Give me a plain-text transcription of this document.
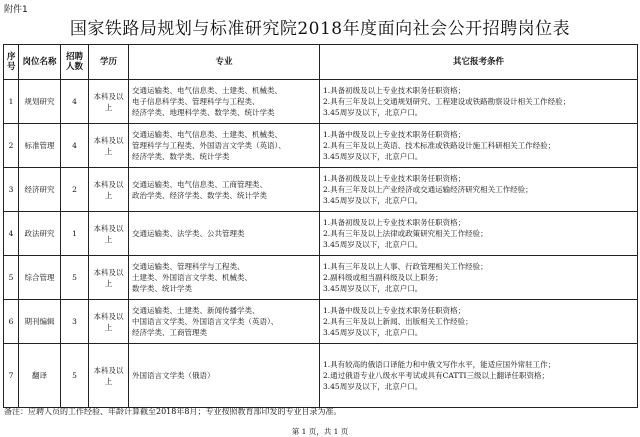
附件1
国家铁路局规划与标准研究院2018年度面向社会公开招聘岗位表
序号	岗位名称	招聘人数	学历	专业	其它报考条件
1	规划研究	4	本科及以上	交通运输类、电气信息类、土建类、机械类、
电子信息科学类、管理科学与工程类、
经济学类、地理科学类、数学类、统计学类	1.具备初级及以上专业技术职务任职资格；
2.具有三年及以上交通规划研究、工程建设或铁路勘察设计相关工作经验；
3.45周岁及以下，北京户口。

2	标准管理	4	本科及以上	交通运输类、电气信息类、土建类、机械类、
管理科学与工程类、外国语言文学类（英语）、
经济学类、数学类、统计学类	1.具备中级及以上专业技术职务任职资格；
2.具有三年及以上英语、技术标准或铁路设计施工科研相关工作经验；
3.45周岁及以下，北京户口。

3	经济研究	2	本科及以上	交通运输类、电气信息类、工商管理类、
政治学类、经济学类、数学类、统计学类	1.具备初级及以上专业技术职务任职资格；
2.具有三年及以上产业经济或交通运输经济研究相关工作经验；
3.45周岁及以下，北京户口。

4	政法研究	1	本科及以上	交通运输类、法学类、公共管理类	1.具备初级及以上专业技术职务任职资格；
2.具有三年及以上法律或政策研究相关工作经验；
3.45周岁及以下，北京户口。

5	综合管理	5	本科及以上	交通运输类、管理科学与工程类、
土建类、外国语言文学类、机械类、
数学类、统计学类	1.具有三年及以上人事、行政管理相关工作经验；
2.副科级或相当副科级及以上职务；
3.45周岁及以下，北京户口。

6	期刊编辑	3	本科及以上	交通运输类、土建类、新闻传播学类、
中国语言文学类、外国语言文学类（英语）、
经济学类、工商管理类	1.具备中级及以上专业技术职务任职资格；
2.具有三年及以上新闻、出版相关工作经验；
3.45周岁及以下，北京户口。

7	翻译	5	本科及以上	外国语言文学类（俄语）	1.具有较高的俄语口译能力和中俄文写作水平，能适应国外常驻工作；
2.通过俄语专业八级水平考试或具有CATTI三级以上翻译任职资格；
3.45周岁及以下，北京户口。
备注：应聘人员的工作经验、年龄计算截至2018年8月；专业按照教育部印发的专业目录为准。
第 1 页，共 1 页
